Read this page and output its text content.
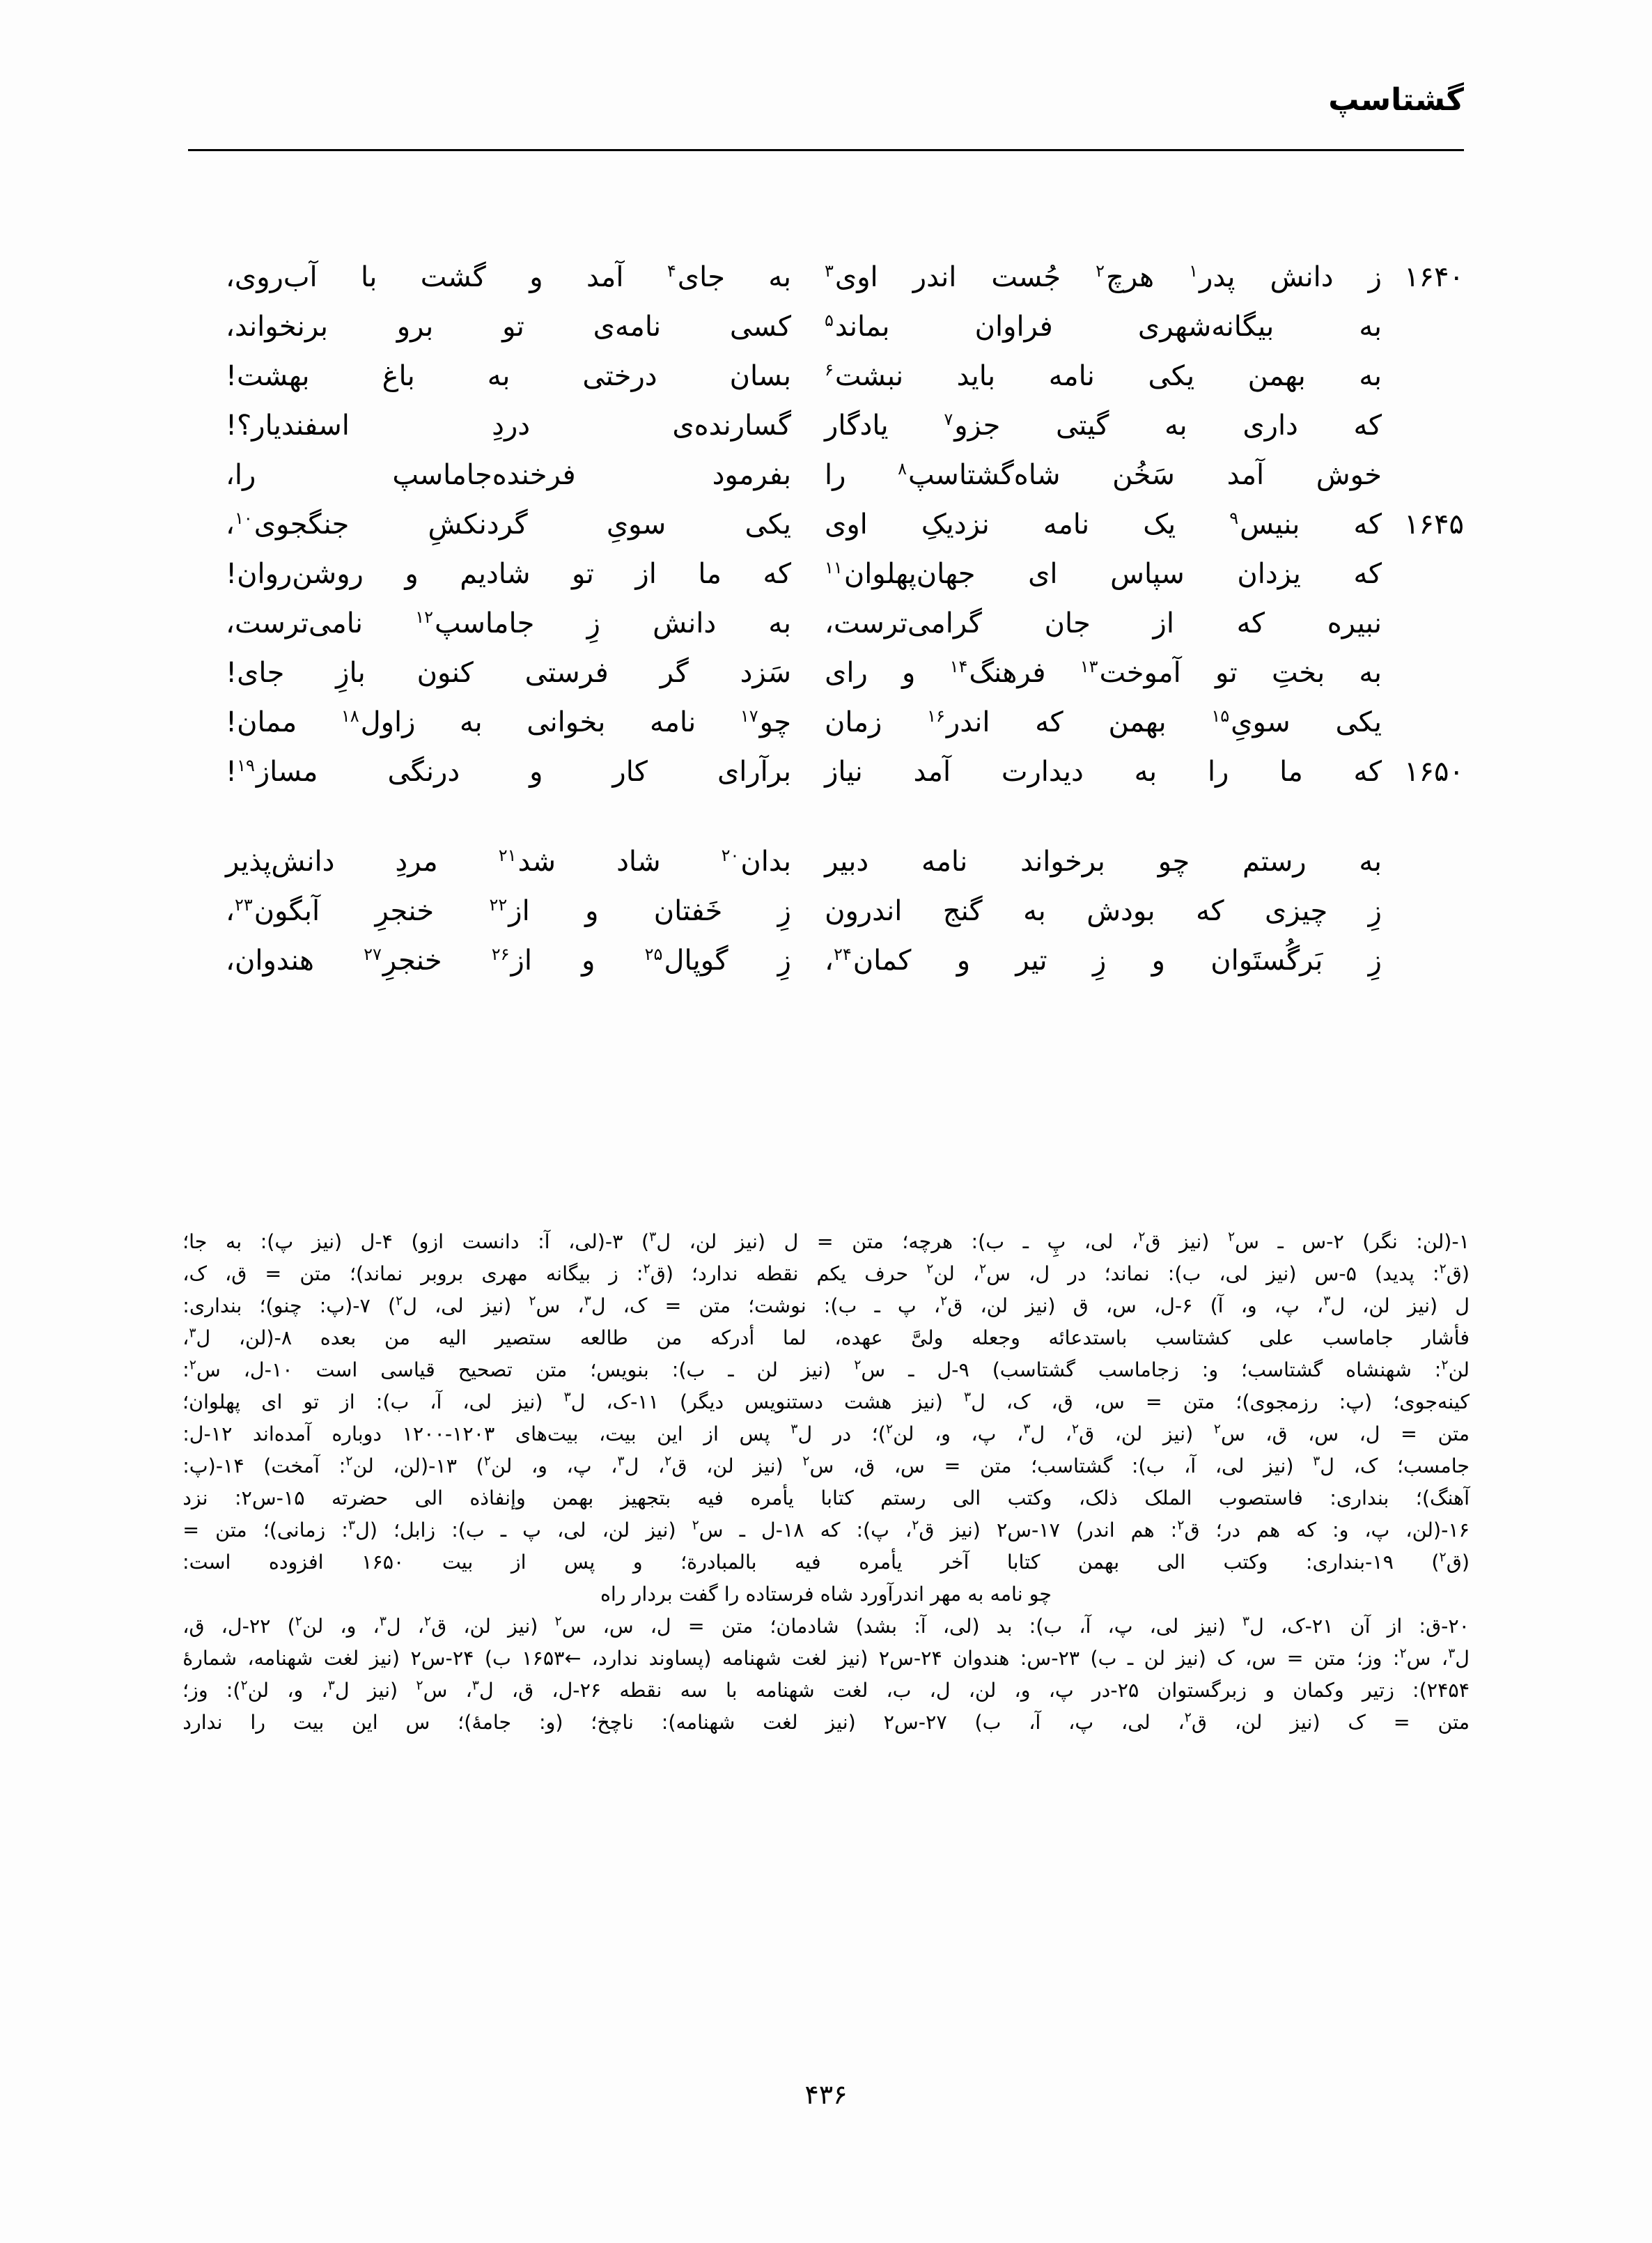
گشتاسپ
۱۶۴۰
ز
دانش
پدر$^۱$
هرچ$^۲$
جُست
اندر
اوی$^۳$
به
جای$^۴$
آمد
و
گشت
با
آب‌روی،
به
بیگانه‌شهری
فراوان
بماند$^۵$
کسی
نامه‌ی
تو
برو
برنخواند،
به
بهمن
یکی
نامه
باید
نبشت$^۶$
بسان
درختی
به
باغ
بهشت!
که
داری
به
گیتی
جزو$^۷$
یادگار
گسارنده‌ی
دردِ
اسفندیار؟!
خوش
آمد
سَخُن
شاه‌گشتاسپ$^۸$
را
بفرمود
فرخنده‌جاماسپ
را،
۱۶۴۵
که
بنیس$^۹$
یک
نامه
نزدیکِ
اوی
یکی
سویِ
گردنکشِ
جنگجوی$^{۱۰}$،
که
یزدان
سپاس
ای
جهان‌پهلوان$^{۱۱}$
که
ما
از
تو
شادیم
و
روشن‌روان!
نبیره
که
از
جان
گرامی‌ترست،
به
دانش
زِ
جاماسپ$^{۱۲}$
نامی‌ترست،
به
بختِ
تو
آموخت$^{۱۳}$
فرهنگ$^{۱۴}$
و
رای
سَزد
گر
فرستی
کنون
بازِ
جای!
یکی
سویِ$^{۱۵}$
بهمن
که
اندر$^{۱۶}$
زمان
چو$^{۱۷}$
نامه
بخوانی
به
زاول$^{۱۸}$
ممان!
۱۶۵۰
که
ما
را
به
دیدارت
آمد
نیاز
برآرای
کار
و
درنگی
مساز$^{۱۹}$!
به
رستم
چو
برخواند
نامه
دبیر
بدان$^{۲۰}$
شاد
شد$^{۲۱}$
مردِ
دانش‌پذیر
زِ
چیزی
که
بودش
به
گنج
اندرون
زِ
خَفتان
و
از$^{۲۲}$
خنجرِ
آبگون$^{۲۳}$،
زِ
بَرگُستَوان
و
زِ
تیر
و
کمان$^{۲۴}$،
زِ
گوپال$^{۲۵}$
و
از$^{۲۶}$
خنجرِ$^{۲۷}$
هندوان،
۱-(لن:
نگر)
۲-س
ـ
س$^۲$
(نیز
ق$^۲$،
لی،
پِ
ـ
ب):
هرچه؛
متن
=
ل
(نیز
لن،
ل$^۳$)
۳-(لی،
آ:
دانست
ازو)
۴-ل
(نیز
پ):
به
جا؛
(ق$^۲$:
پدید)
۵-س
(نیز
لی،
ب):
نماند؛
در
ل،
س$^۲$،
لن$^۲$
حرف
یکم
نقطه
ندارد؛
(ق$^۲$:
ز
بیگانه
مهری
بروبر
نماند)؛
متن
=
ق،
ک،
ل
(نیز
لن،
ل$^۳$،
پ،
و،
آ)
۶-ل،
س،
ق
(نیز
لن،
ق$^۲$،
پ
ـ
ب):
نوشت؛
متن
=
ک،
ل$^۳$،
س$^۲$
(نیز
لی،
ل$^۲$)
۷-(پ:
چنو)؛
بنداری:
فأشار
جاماسب
علی
کشتاسب
باستدعائه
وجعله
ولیَّ
عهده،
لما
أدرکه
من
طالعه
ستصیر
الیه
من
بعده
۸-(لن،
ل$^۳$،
لن$^۲$:
شهنشاه
گشتاسب؛
و:
زجاماسب
گشتاسب)
۹-ل
ـ
س$^۲$
(نیز
لن
ـ
ب):
بنویس؛
متن
تصحیح
قیاسی
است
۱۰-ل،
س$^۲$:
کینه‌جوی؛
(پ:
رزمجوی)؛
متن
=
س،
ق،
ک،
ل$^۳$
(نیز
هشت
دستنویس
دیگر)
۱۱-ک،
ل$^۳$
(نیز
لی،
آ،
ب):
از
تو
ای
پهلوان؛
متن
=
ل،
س،
ق،
س$^۲$
(نیز
لن،
ق$^۲$،
ل$^۳$،
پ،
و،
لن$^۲$)؛
در
ل$^۳$
پس
از
این
بیت،
بیت‌های
۱۲۰۰-۱۲۰۳
دوباره
آمده‌اند
۱۲-ل:
جامسب؛
ک،
ل$^۳$
(نیز
لی،
آ،
ب):
گشتاسب؛
متن
=
س،
ق،
س$^۲$
(نیز
لن،
ق$^۲$،
ل$^۳$،
پ،
و،
لن$^۲$)
۱۳-(لن،
لن$^۲$:
آمخت)
۱۴-(پ:
آهنگ)؛
بنداری:
فاستصوب
الملک
ذلک،
وکتب
الی
رستم
کتابا
یأمره
فیه
بتجهیز
بهمن
وإنفاذه
الی
حضرته
۱۵-س۲:
نزد
۱۶-(لن،
پ،
و:
که
هم
در؛
ق$^۲$:
هم
اندر)
۱۷-س۲
(نیز
ق$^۲$،
پ):
که
۱۸-ل
ـ
س$^۲$
(نیز
لن،
لی،
پ
ـ
ب):
زابل؛
(ل$^۳$:
زمانی)؛
متن
=
(ق$^۲$)
۱۹-بنداری:
وکتب
الی
بهمن
کتابا
آخر
یأمره
فیه
بالمبادرة؛
و
پس
از
بیت
۱۶۵۰
افزوده
است:
چو نامه به مهر اندرآورد شاه فرستاده را گفت بردار راه
۲۰-ق:
از
آن
۲۱-ک،
ل$^۳$
(نیز
لی،
پ،
آ،
ب):
بد
(لی،
آ:
بشد)
شادمان؛
متن
=
ل،
س،
س$^۲$
(نیز
لن،
ق$^۲$،
ل$^۳$،
و،
لن$^۲$)
۲۲-ل،
ق،
ل$^۳$،
س$^۲$:
وز؛
متن
=
س،
ک
(نیز
لن
ـ
ب)
۲۳-س:
هندوان
۲۴-س۲
(نیز
لغت
شهنامه
(پساوند
ندارد،
←۱۶۵۳
ب)
۲۴-س۲
(نیز
لغت
شهنامه،
شمارهٔ
۲۴۵۴):
زتیر
وکمان
و
زبرگستوان
۲۵-در
پ،
و،
لن،
ل،
ب،
لغت
شهنامه
با
سه
نقطه
۲۶-ل،
ق،
ل$^۳$،
س$^۲$
(نیز
ل$^۳$،
و،
لن$^۲$):
وز؛
متن
=
ک
(نیز
لن،
ق$^۲$،
لی،
پ،
آ،
ب)
۲۷-س۲
(نیز
لغت
شهنامه):
ناچخ؛
(و:
جامهٔ)؛
س
این
بیت
را
ندارد
۴۳۶
